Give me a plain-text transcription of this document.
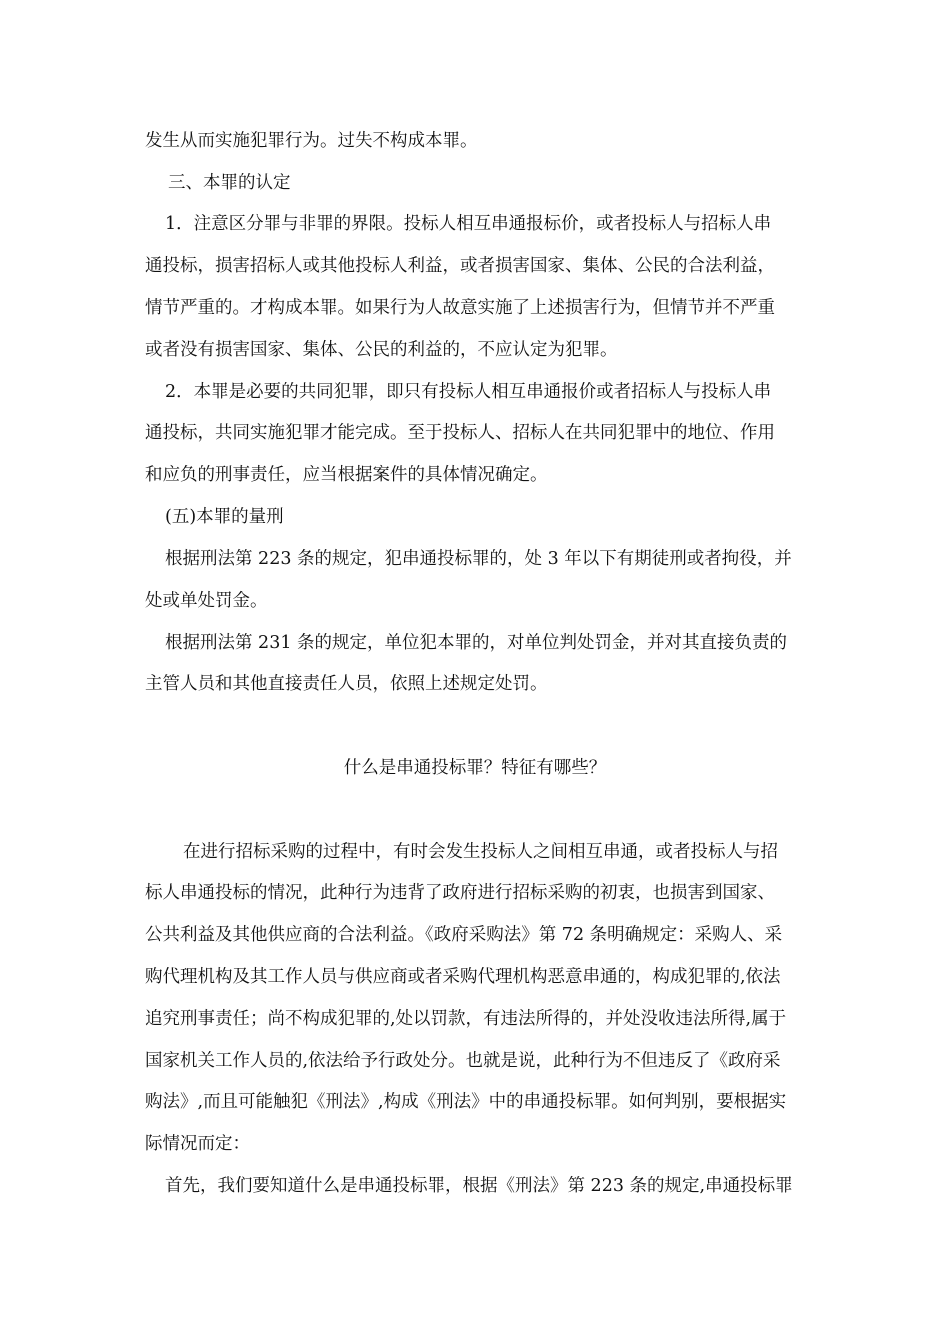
发生从而实施犯罪行为。过失不构成本罪。
三、本罪的认定
1．注意区分罪与非罪的界限。投标人相互串通报标价，或者投标人与招标人串
通投标，损害招标人或其他投标人利益，或者损害国家、集体、公民的合法利益，
情节严重的。才构成本罪。如果行为人故意实施了上述损害行为，但情节并不严重
或者没有损害国家、集体、公民的利益的，不应认定为犯罪。
2．本罪是必要的共同犯罪，即只有投标人相互串通报价或者招标人与投标人串
通投标，共同实施犯罪才能完成。至于投标人、招标人在共同犯罪中的地位、作用
和应负的刑事责任，应当根据案件的具体情况确定。
(五)本罪的量刑
根据刑法第 223 条的规定，犯串通投标罪的，处 3 年以下有期徒刑或者拘役，并
处或单处罚金。
根据刑法第 231 条的规定，单位犯本罪的，对单位判处罚金，并对其直接负责的
主管人员和其他直接责任人员，依照上述规定处罚。
什么是串通投标罪？特征有哪些？
在进行招标采购的过程中，有时会发生投标人之间相互串通，或者投标人与招
标人串通投标的情况，此种行为违背了政府进行招标采购的初衷，也损害到国家、
公共利益及其他供应商的合法利益。《政府采购法》第 72 条明确规定：采购人、采
购代理机构及其工作人员与供应商或者采购代理机构恶意串通的，构成犯罪的,依法
追究刑事责任；尚不构成犯罪的,处以罚款，有违法所得的，并处没收违法所得,属于
国家机关工作人员的,依法给予行政处分。也就是说，此种行为不但违反了《政府采
购法》,而且可能触犯《刑法》,构成《刑法》中的串通投标罪。如何判别，要根据实
际情况而定：
首先，我们要知道什么是串通投标罪，根据《刑法》第 223 条的规定,串通投标罪
